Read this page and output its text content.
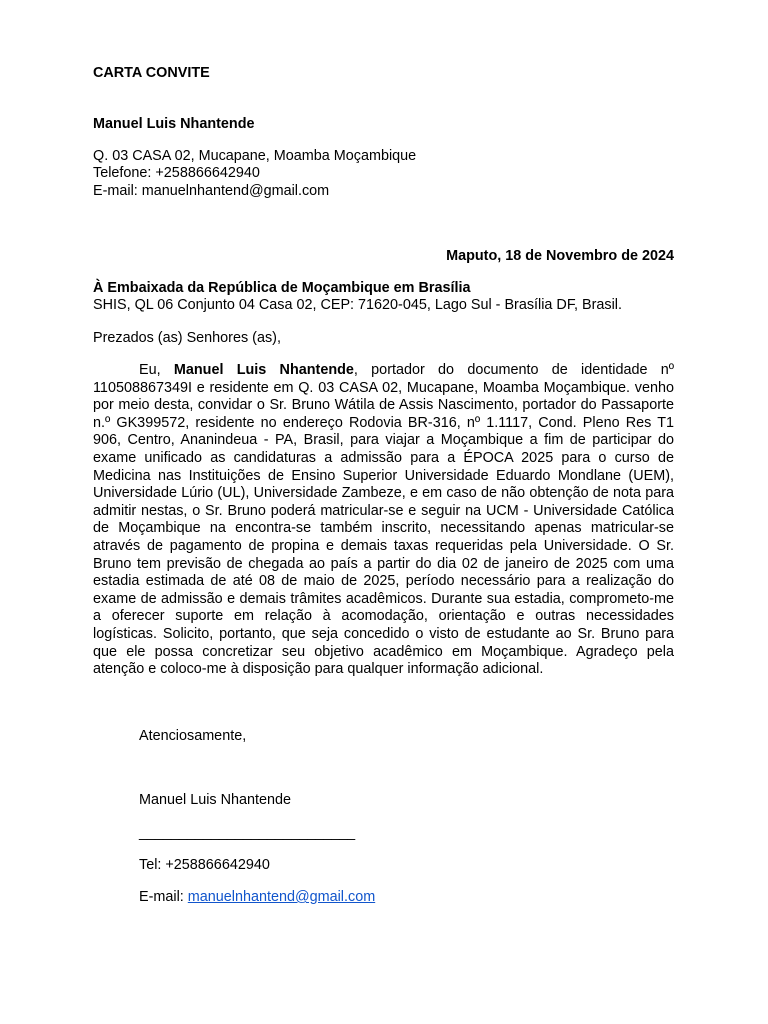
CARTA CONVITE
Manuel Luis Nhantende
Q. 03 CASA 02, Mucapane, Moamba Moçambique
Telefone: +258866642940
E-mail: manuelnhantend@gmail.com
Maputo, 18 de Novembro de 2024
À Embaixada da República de Moçambique em Brasília
SHIS, QL 06 Conjunto 04 Casa 02, CEP: 71620-045, Lago Sul - Brasília DF, Brasil.
Prezados (as) Senhores (as),
Eu, Manuel Luis Nhantende, portador do documento de identidade nº 110508867349I e residente em Q. 03 CASA 02, Mucapane, Moamba Moçambique. venho por meio desta, convidar o Sr. Bruno Wátila de Assis Nascimento, portador do Passaporte n.º GK399572, residente no endereço Rodovia BR-316, nº 1.1117, Cond. Pleno Res T1 906, Centro, Ananindeua - PA, Brasil, para viajar a Moçambique a fim de participar do exame unificado as candidaturas a admissão para a ÉPOCA 2025 para o curso de Medicina nas Instituições de Ensino Superior Universidade Eduardo Mondlane (UEM), Universidade Lúrio (UL), Universidade Zambeze, e em caso de não obtenção de nota para admitir nestas, o Sr. Bruno poderá matricular-se e seguir na UCM - Universidade Católica de Moçambique na encontra-se também inscrito, necessitando apenas matricular-se através de pagamento de propina e demais taxas requeridas pela Universidade. O Sr. Bruno tem previsão de chegada ao país a partir do dia 02 de janeiro de 2025 com uma estadia estimada de até 08 de maio de 2025, período necessário para a realização do exame de admissão e demais trâmites acadêmicos. Durante sua estadia, comprometo-me a oferecer suporte em relação à acomodação, orientação e outras necessidades logísticas. Solicito, portanto, que seja concedido o visto de estudante ao Sr. Bruno para que ele possa concretizar seu objetivo acadêmico em Moçambique. Agradeço pela atenção e coloco-me à disposição para qualquer informação adicional.
Atenciosamente,
Manuel Luis Nhantende
___________________________
Tel: +258866642940
E-mail: manuelnhantend@gmail.com
